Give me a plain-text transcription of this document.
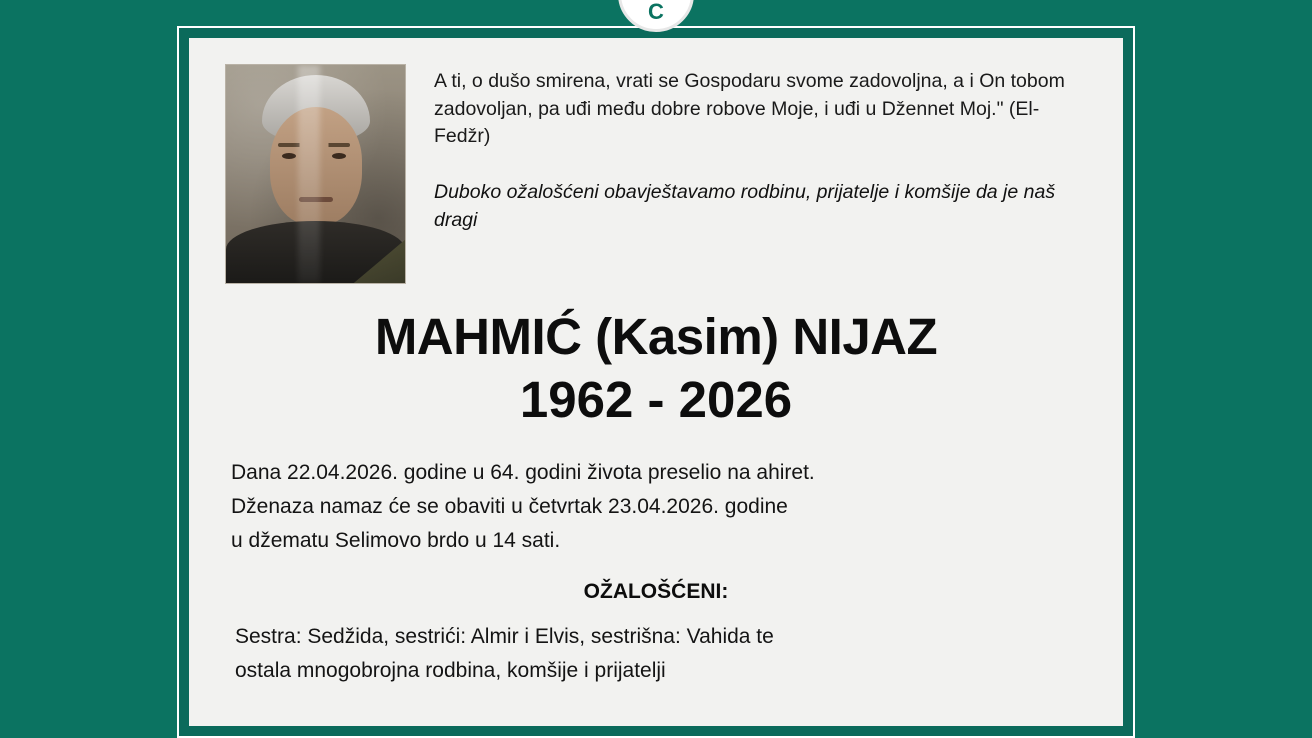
C
A ti, o dušo smirena, vrati se Gospodaru svome zadovoljna, a i On tobom zadovoljan, pa uđi među dobre robove Moje, i uđi u Džennet Moj." (El-Fedžr)
Duboko ožalošćeni obavještavamo rodbinu, prijatelje i komšije da je naš dragi
MAHMIĆ (Kasim) NIJAZ
1962 - 2026
Dana 22.04.2026. godine u 64. godini života preselio na ahiret.
Dženaza namaz će se obaviti u četvrtak 23.04.2026. godine
u džematu Selimovo brdo u 14 sati.
OŽALOŠĆENI:
Sestra: Sedžida, sestrići: Almir i Elvis, sestrišna: Vahida te
ostala mnogobrojna rodbina, komšije i prijatelji
